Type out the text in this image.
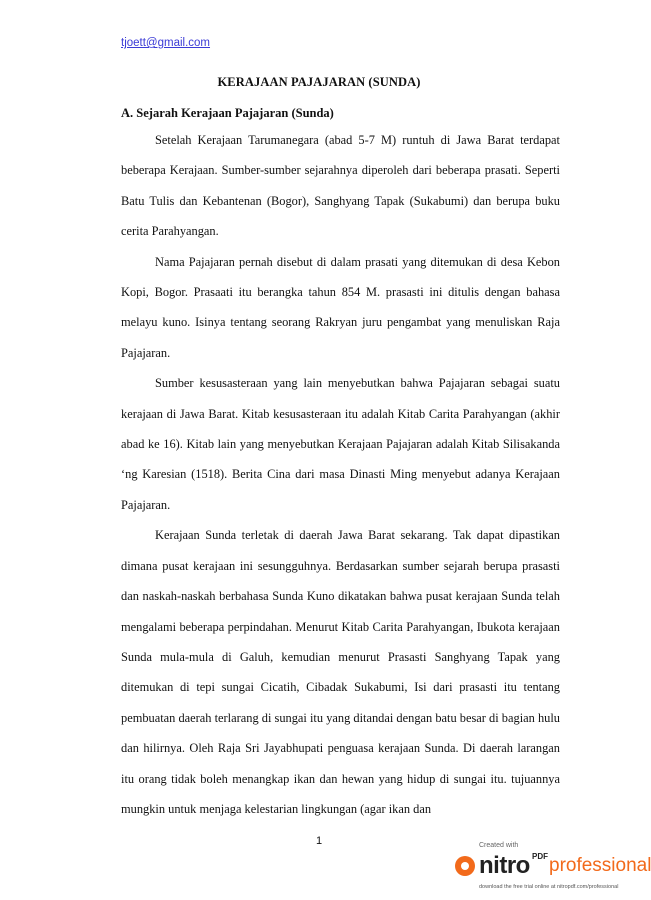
tjoett@gmail.com
KERAJAAN PAJAJARAN (SUNDA)
A. Sejarah Kerajaan Pajajaran (Sunda)

Setelah Kerajaan Tarumanegara (abad 5-7 M) runtuh di Jawa Barat terdapat beberapa Kerajaan. Sumber-sumber sejarahnya diperoleh dari beberapa prasati. Seperti Batu Tulis dan Kebantenan (Bogor), Sanghyang Tapak (Sukabumi) dan berupa buku cerita Parahyangan.

Nama Pajajaran pernah disebut di dalam prasati yang ditemukan di desa Kebon Kopi, Bogor. Prasaati itu berangka tahun 854 M. prasasti ini ditulis dengan bahasa melayu kuno. Isinya tentang seorang Rakryan juru pengambat yang menuliskan Raja Pajajaran.

Sumber kesusasteraan yang lain menyebutkan bahwa Pajajaran sebagai suatu kerajaan di Jawa Barat. Kitab kesusasteraan itu adalah Kitab Carita Parahyangan (akhir abad ke 16). Kitab lain yang menyebutkan Kerajaan Pajajaran adalah Kitab Silisakanda ‘ng Karesian (1518). Berita Cina dari masa Dinasti Ming menyebut adanya Kerajaan Pajajaran.

Kerajaan Sunda terletak di daerah Jawa Barat sekarang. Tak dapat dipastikan dimana pusat kerajaan ini sesungguhnya. Berdasarkan sumber sejarah berupa prasasti dan naskah-naskah berbahasa Sunda Kuno dikatakan bahwa pusat kerajaan Sunda telah mengalami beberapa perpindahan. Menurut Kitab Carita Parahyangan, Ibukota kerajaan Sunda mula-mula di Galuh, kemudian menurut Prasasti Sanghyang Tapak yang ditemukan di tepi sungai Cicatih, Cibadak Sukabumi, Isi dari prasasti itu tentang pembuatan daerah terlarang di sungai itu yang ditandai dengan batu besar di bagian hulu dan hilirnya. Oleh Raja Sri Jayabhupati penguasa kerajaan Sunda. Di daerah larangan itu orang tidak boleh menangkap ikan dan hewan yang hidup di sungai itu. tujuannya mungkin untuk menjaga kelestarian lingkungan (agar ikan dan

1	Created with
nitro PDF professional
download the free trial online at nitropdf.com/professional
